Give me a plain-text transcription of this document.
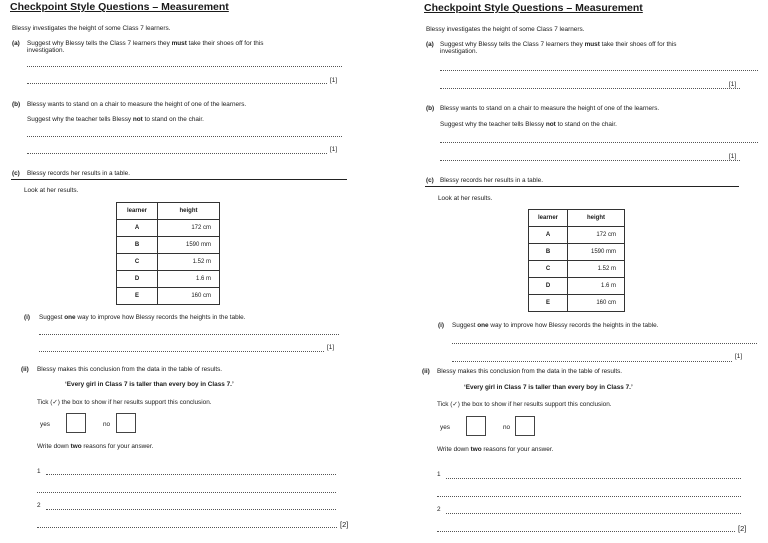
Checkpoint Style Questions – Measurement
Blessy investigates the height of some Class 7 learners.
(a) Suggest why Blessy tells the Class 7 learners they must take their shoes off for this
investigation.
[1]
(b) Blessy wants to stand on a chair to measure the height of one of the learners.
Suggest why the teacher tells Blessy not to stand on the chair.
[1]
(c) Blessy records her results in a table.
Look at her results.
learner	height
A	172 cm
B	1590 mm
C	1.52 m
D	1.6 m
E	160 cm
(i) Suggest one way to improve how Blessy records the heights in the table.
[1]
(ii) Blessy makes this conclusion from the data in the table of results.
‘Every girl in Class 7 is taller than every boy in Class 7.’
Tick (✓) the box to show if her results support this conclusion.
yes	no
Write down two reasons for your answer.
1
2
[2]
Checkpoint Style Questions – Measurement
Blessy investigates the height of some Class 7 learners.
(a) Suggest why Blessy tells the Class 7 learners they must take their shoes off for this
investigation.
[1]
(b) Blessy wants to stand on a chair to measure the height of one of the learners.
Suggest why the teacher tells Blessy not to stand on the chair.
[1]
(c) Blessy records her results in a table.
Look at her results.
learner	height
A	172 cm
B	1590 mm
C	1.52 m
D	1.6 m
E	160 cm
(i) Suggest one way to improve how Blessy records the heights in the table.
[1]
(ii) Blessy makes this conclusion from the data in the table of results.
‘Every girl in Class 7 is taller than every boy in Class 7.’
Tick (✓) the box to show if her results support this conclusion.
yes	no
Write down two reasons for your answer.
1
2
[2]
